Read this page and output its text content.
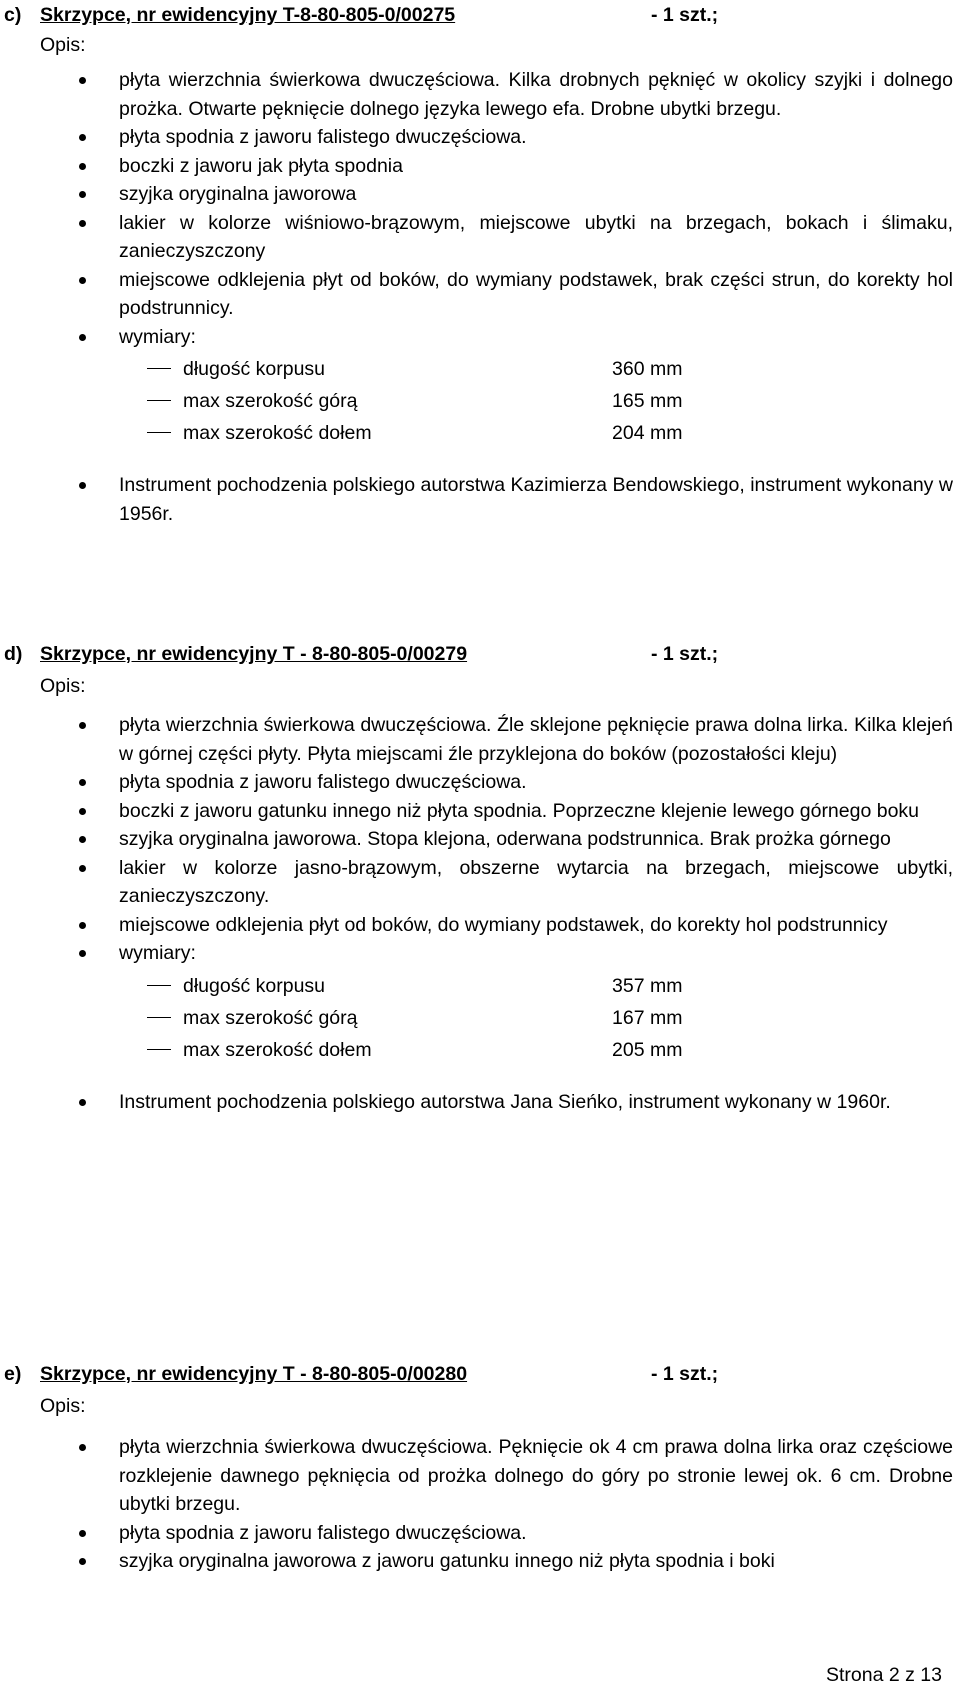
c) Skrzypce, nr ewidencyjny T-8-80-805-0/00275	- 1 szt.;
Opis:
płyta wierzchnia świerkowa dwuczęściowa. Kilka drobnych pęknięć w okolicy szyjki i dolnego prożka. Otwarte pęknięcie dolnego języka lewego efa. Drobne ubytki brzegu.
płyta spodnia z jaworu falistego dwuczęściowa.
boczki z jaworu jak płyta spodnia
szyjka oryginalna jaworowa
lakier w kolorze wiśniowo-brązowym, miejscowe ubytki na brzegach, bokach i ślimaku, zanieczyszczony
miejscowe odklejenia płyt od boków, do wymiany podstawek, brak części strun, do korekty hol podstrunnicy.
wymiary:
długość korpusu	360 mm
max szerokość górą	165 mm
max szerokość dołem	204 mm
Instrument pochodzenia polskiego autorstwa Kazimierza Bendowskiego, instrument wykonany w 1956r.
d) Skrzypce, nr ewidencyjny T - 8-80-805-0/00279	- 1 szt.;
Opis:
płyta wierzchnia świerkowa dwuczęściowa. Źle sklejone pęknięcie prawa dolna lirka. Kilka klejeń w górnej części płyty. Płyta miejscami źle przyklejona do boków (pozostałości kleju)
płyta spodnia z jaworu falistego dwuczęściowa.
boczki z jaworu gatunku innego niż płyta spodnia. Poprzeczne klejenie lewego górnego boku
szyjka oryginalna jaworowa. Stopa klejona, oderwana podstrunnica. Brak prożka górnego
lakier w kolorze jasno-brązowym, obszerne wytarcia na brzegach, miejscowe ubytki, zanieczyszczony.
miejscowe odklejenia płyt od boków, do wymiany podstawek, do korekty hol podstrunnicy
wymiary:
długość korpusu	357 mm
max szerokość górą	167 mm
max szerokość dołem	205 mm
Instrument pochodzenia polskiego autorstwa Jana Sieńko, instrument wykonany w 1960r.
e) Skrzypce, nr ewidencyjny T - 8-80-805-0/00280	- 1 szt.;
Opis:
płyta wierzchnia świerkowa dwuczęściowa. Pęknięcie ok 4 cm prawa dolna lirka oraz częściowe rozklejenie dawnego pęknięcia od prożka dolnego do góry po stronie lewej ok. 6 cm. Drobne ubytki brzegu.
płyta spodnia z jaworu falistego dwuczęściowa.
szyjka oryginalna jaworowa z jaworu gatunku innego niż płyta spodnia i boki
Strona 2 z 13
